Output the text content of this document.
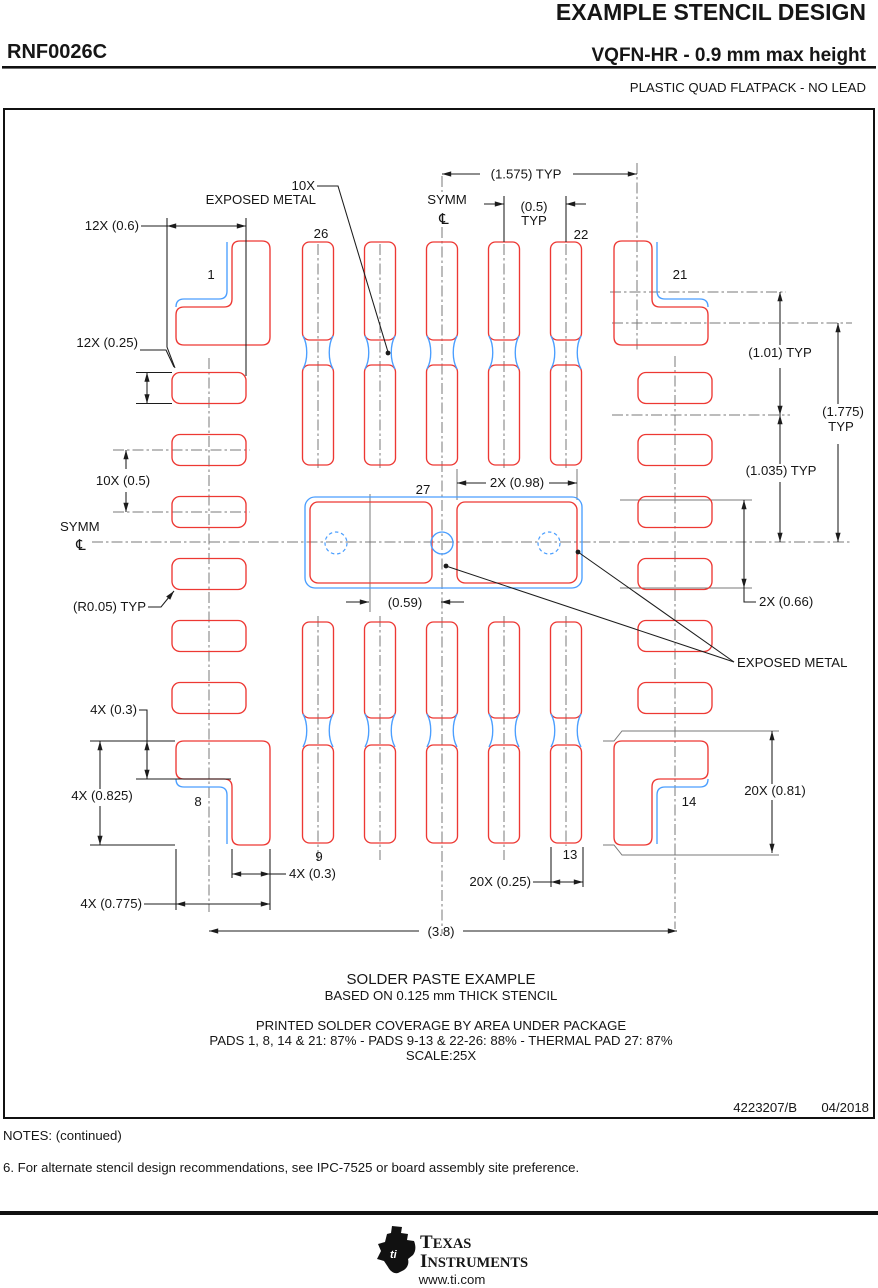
EXAMPLE STENCIL DESIGN
RNF0026C	VQFN-HR - 0.9 mm max height
PLASTIC QUAD FLATPACK - NO LEAD
(1.575) TYP
(0.5)
TYP
12X (0.6)
12X (0.25)
10X (0.5)
(1.01) TYP
(1.035) TYP
(1.775)
TYP
2X (0.98)
(0.59)	2X (0.66)
(R0.05) TYP
4X (0.3)
4X (0.825)
4X (0.775)
4X (0.3)
20X (0.25)
20X (0.81)
(3.8)
10X
EXPOSED METAL
EXPOSED METAL
SYMM
℄
SYMM
℄
1
26	22
21
27
8
9	13
14
SOLDER PASTE EXAMPLE
BASED ON 0.125 mm THICK STENCIL
PRINTED SOLDER COVERAGE BY AREA UNDER PACKAGE
PADS 1, 8, 14 & 21: 87% - PADS 9-13 & 22-26: 88% - THERMAL PAD 27: 87%
SCALE:25X
4223207/B 04/2018
NOTES: (continued)
6. For alternate stencil design recommendations, see IPC-7525 or board assembly site preference.
ti
TEXAS
INSTRUMENTS
www.ti.com
